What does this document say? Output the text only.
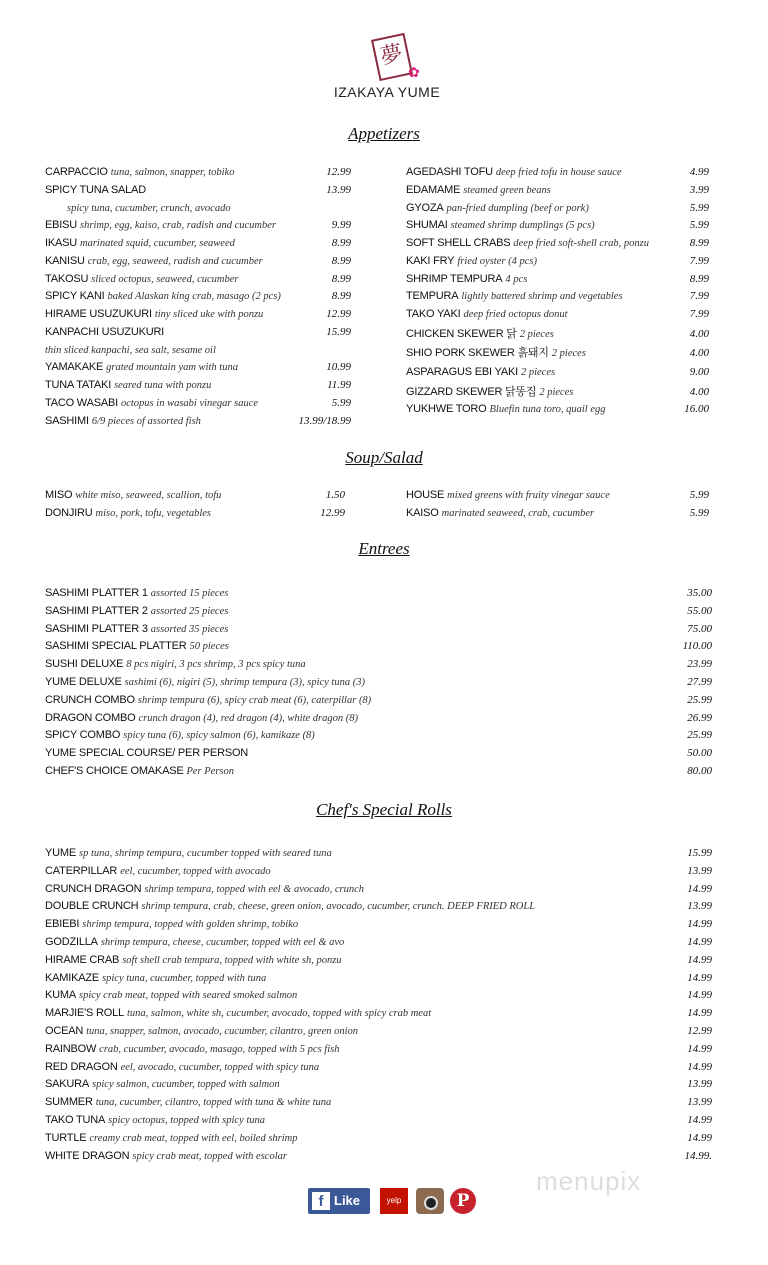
夢
✿
IZAKAYA YUME
Appetizers
CARPACCIO tuna, salmon, snapper, tobiko	12.99
SPICY TUNA SALAD	13.99
spicy tuna, cucumber, crunch, avocado
EBISU shrimp, egg, kaiso, crab, radish and cucumber	9.99
IKASU marinated squid, cucumber, seaweed	8.99
KANISU crab, egg, seaweed, radish and cucumber	8.99
TAKOSU sliced octopus, seaweed, cucumber	8.99
SPICY KANI baked Alaskan king crab, masago (2 pcs)	8.99
HIRAME USUZUKURI tiny sliced uke with ponzu	12.99
KANPACHI USUZUKURI	15.99
thin sliced kanpachi, sea salt, sesame oil
YAMAKAKE grated mountain yam with tuna	10.99
TUNA TATAKI seared tuna with ponzu	11.99
TACO WASABI octopus in wasabi vinegar sauce	5.99
SASHIMI 6/9 pieces of assorted fish	13.99/18.99
AGEDASHI TOFU deep fried tofu in house sauce	4.99
EDAMAME steamed green beans	3.99
GYOZA pan-fried dumpling (beef or pork)	5.99
SHUMAI steamed shrimp dumplings (5 pcs)	5.99
SOFT SHELL CRABS deep fried soft-shell crab, ponzu	8.99
KAKI FRY fried oyster (4 pcs)	7.99
SHRIMP TEMPURA 4 pcs	8.99
TEMPURA lightly battered shrimp and vegetables	7.99
TAKO YAKI deep fried octopus donut	7.99
CHICKEN SKEWER 닭 2 pieces	4.00
SHIO PORK SKEWER 흙돼지 2 pieces	4.00
ASPARAGUS EBI YAKI 2 pieces	9.00
GIZZARD SKEWER 닭똥집 2 pieces	4.00
YUKHWE TORO Bluefin tuna toro, quail egg	16.00
Soup/Salad
MISO white miso, seaweed, scallion, tofu	1.50
DONJIRU miso, pork, tofu, vegetables	12.99
HOUSE mixed greens with fruity vinegar sauce	5.99
KAISO marinated seaweed, crab, cucumber	5.99
Entrees
SASHIMI PLATTER 1 assorted 15 pieces	35.00
SASHIMI PLATTER 2 assorted 25 pieces	55.00
SASHIMI PLATTER 3 assorted 35 pieces	75.00
SASHIMI SPECIAL PLATTER 50 pieces	110.00
SUSHI DELUXE 8 pcs nigiri, 3 pcs shrimp, 3 pcs spicy tuna	23.99
YUME DELUXE sashimi (6), nigiri (5), shrimp tempura (3), spicy tuna (3)	27.99
CRUNCH COMBO shrimp tempura (6), spicy crab meat (6), caterpillar (8)	25.99
DRAGON COMBO crunch dragon (4), red dragon (4), white dragon (8)	26.99
SPICY COMBO spicy tuna (6), spicy salmon (6), kamikaze (8)	25.99
YUME SPECIAL COURSE/ PER PERSON	50.00
CHEF'S CHOICE OMAKASE Per Person	80.00
Chef's Special Rolls
YUME sp tuna, shrimp tempura, cucumber topped with seared tuna	15.99
CATERPILLAR eel, cucumber, topped with avocado	13.99
CRUNCH DRAGON shrimp tempura, topped with eel & avocado, crunch	14.99
DOUBLE CRUNCH shrimp tempura, crab, cheese, green onion, avocado, cucumber, crunch. DEEP FRIED ROLL	13.99
EBIEBI shrimp tempura, topped with golden shrimp, tobiko	14.99
GODZILLA shrimp tempura, cheese, cucumber, topped with eel & avo	14.99
HIRAME CRAB soft shell crab tempura, topped with white sh, ponzu	14.99
KAMIKAZE spicy tuna, cucumber, topped with tuna	14.99
KUMA spicy crab meat, topped with seared smoked salmon	14.99
MARJIE'S ROLL tuna, salmon, white sh, cucumber, avocado, topped with spicy crab meat	14.99
OCEAN tuna, snapper, salmon, avocado, cucumber, cilantro, green onion	12.99
RAINBOW crab, cucumber, avocado, masago, topped with 5 pcs fish	14.99
RED DRAGON eel, avocado, cucumber, topped with spicy tuna	14.99
SAKURA spicy salmon, cucumber, topped with salmon	13.99
SUMMER tuna, cucumber, cilantro, topped with tuna & white tuna	13.99
TAKO TUNA spicy octopus, topped with spicy tuna	14.99
TURTLE creamy crab meat, topped with eel, boiled shrimp	14.99
WHITE DRAGON spicy crab meat, topped with escolar	14.99.
f Like	yelp	P
menupix
